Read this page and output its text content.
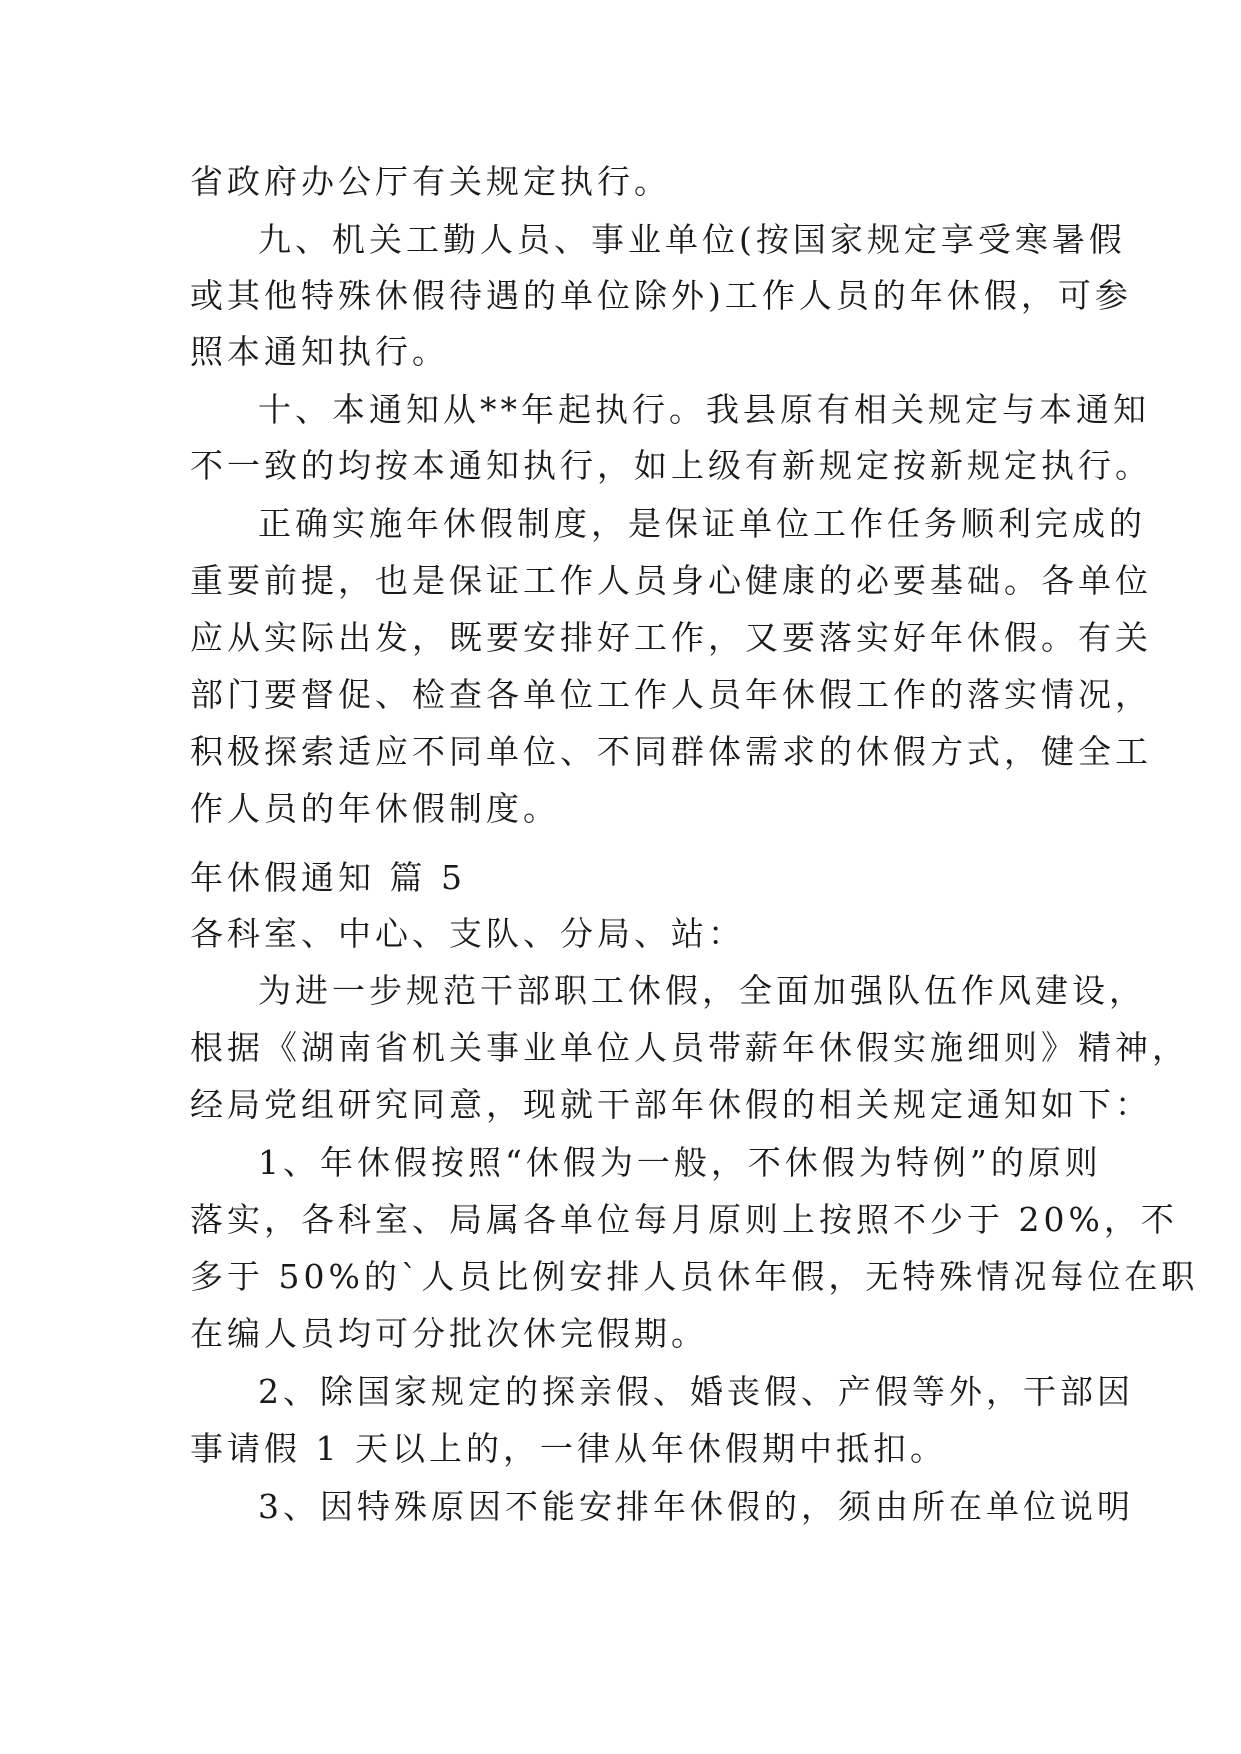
省政府办公厅有关规定执行。

九、机关工勤人员、事业单位(按国家规定享受寒暑假

或其他特殊休假待遇的单位除外)工作人员的年休假，可参

照本通知执行。

十、本通知从**年起执行。我县原有相关规定与本通知

不一致的均按本通知执行，如上级有新规定按新规定执行。

正确实施年休假制度，是保证单位工作任务顺利完成的

重要前提，也是保证工作人员身心健康的必要基础。各单位

应从实际出发，既要安排好工作，又要落实好年休假。有关

部门要督促、检查各单位工作人员年休假工作的落实情况，

积极探索适应不同单位、不同群体需求的休假方式，健全工

作人员的年休假制度。

年休假通知 篇 5

各科室、中心、支队、分局、站：

为进一步规范干部职工休假，全面加强队伍作风建设，

根据《湖南省机关事业单位人员带薪年休假实施细则》精神，

经局党组研究同意，现就干部年休假的相关规定通知如下：

1、年休假按照“休假为一般，不休假为特例”的原则

落实，各科室、局属各单位每月原则上按照不少于 20%，不

多于 50%的`人员比例安排人员休年假，无特殊情况每位在职

在编人员均可分批次休完假期。

2、除国家规定的探亲假、婚丧假、产假等外，干部因

事请假 1 天以上的，一律从年休假期中抵扣。

3、因特殊原因不能安排年休假的，须由所在单位说明
